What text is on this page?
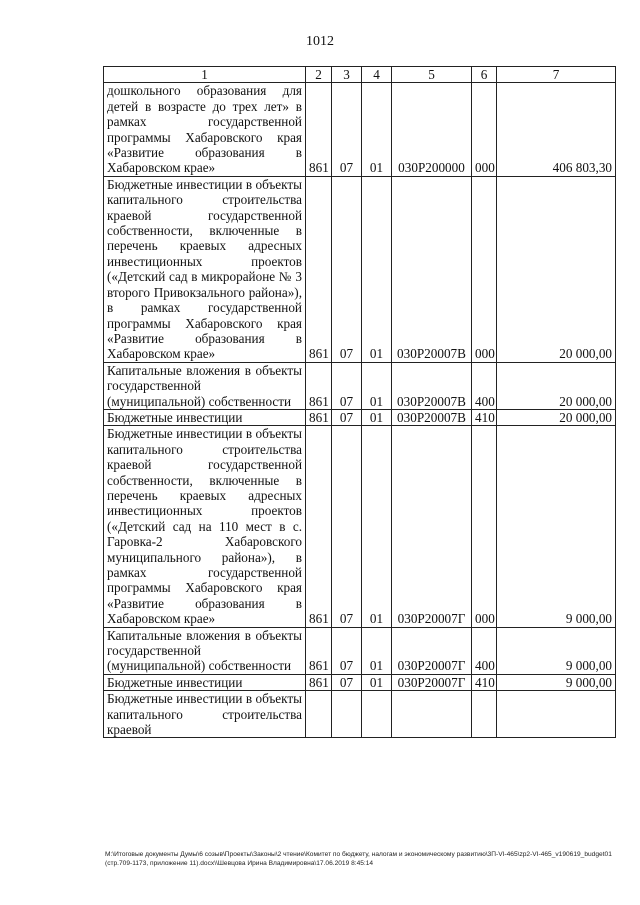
1012
1	2	3	4	5	6	7
дошкольного образования для детей в возрасте до трех лет» в рамках государственной программы Хабаровского края «Развитие образования в Хабаровском крае»	861	07	01	030Р200000	000	406 803,30
Бюджетные инвестиции в объекты капитального строительства краевой государственной собственности, включенные в перечень краевых адресных инвестиционных проектов («Детский сад в микрорайоне № 3 второго Привокзального района»), в рамках государственной программы Хабаровского края «Развитие образования в Хабаровском крае»	861	07	01	030Р20007В	000	20 000,00
Капитальные вложения в объекты государственной (муниципальной) собственности	861	07	01	030Р20007В	400	20 000,00
Бюджетные инвестиции	861	07	01	030Р20007В	410	20 000,00
Бюджетные инвестиции в объекты капитального строительства краевой государственной собственности, включенные в перечень краевых адресных инвестиционных проектов («Детский сад на 110 мест в с. Гаровка-2 Хабаровского муниципального района»), в рамках государственной программы Хабаровского края «Развитие образования в Хабаровском крае»	861	07	01	030Р20007Г	000	9 000,00
Капитальные вложения в объекты государственной (муниципальной) собственности	861	07	01	030Р20007Г	400	9 000,00
Бюджетные инвестиции	861	07	01	030Р20007Г	410	9 000,00
Бюджетные инвестиции в объекты капитального строительства краевой						
M:\Итоговые документы Думы\6 созыв\Проекты\Законы\2 чтение\Комитет по бюджету, налогам и экономическому развитию\3П-VI-465\zp2-VI-465_v190619_budget01 (стр.709-1173, приложение 11).docx\\Шевцова Ирина Владимировна\17.06.2019 8:45:14
